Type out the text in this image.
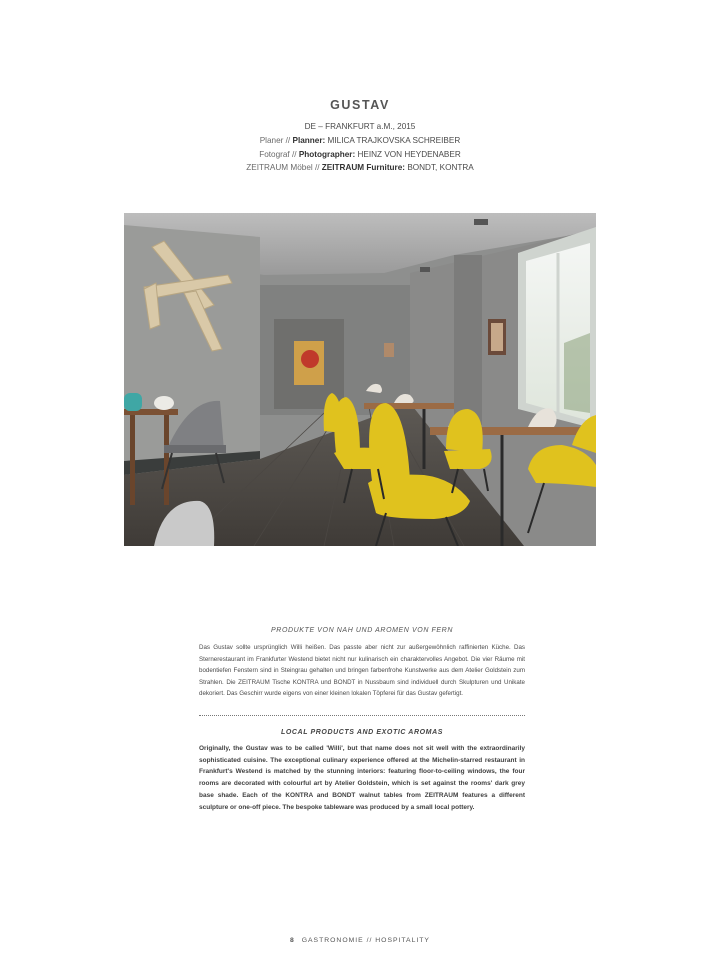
GUSTAV
DE – FRANKFURT a.M., 2015
Planer // Planner: MILICA TRAJKOVSKA SCHREIBER
Fotograf // Photographer: HEINZ VON HEYDENABER
ZEITRAUM Möbel // ZEITRAUM Furniture: BONDT, KONTRA
PRODUKTE VON NAH UND AROMEN VON FERN
Das Gustav sollte ursprünglich Willi heißen. Das passte aber nicht zur außergewöhnlich raffinierten Küche. Das Sternerestaurant im Frankfurter Westend bietet nicht nur kulinarisch ein charaktervolles Angebot. Die vier Räume mit bodentiefen Fenstern sind in Steingrau gehalten und bringen farbenfrohe Kunstwerke aus dem Atelier Goldstein zum Strahlen. Die ZEITRAUM Tische KONTRA und BONDT in Nussbaum sind individuell durch Skulpturen und Unikate dekoriert. Das Geschirr wurde eigens von einer kleinen lokalen Töpferei für das Gustav gefertigt.
LOCAL PRODUCTS AND EXOTIC AROMAS
Originally, the Gustav was to be called 'Willi', but that name does not sit well with the extraordinarily sophisticated cuisine. The exceptional culinary experience offered at the Michelin-starred restaurant in Frankfurt's Westend is matched by the stunning interiors: featuring floor-to-ceiling windows, the four rooms are decorated with colourful art by Atelier Goldstein, which is set against the rooms' dark grey base shade. Each of the KONTRA and BONDT walnut tables from ZEITRAUM features a different sculpture or one-off piece. The bespoke tableware was produced by a small local pottery.
8 GASTRONOMIE // HOSPITALITY
